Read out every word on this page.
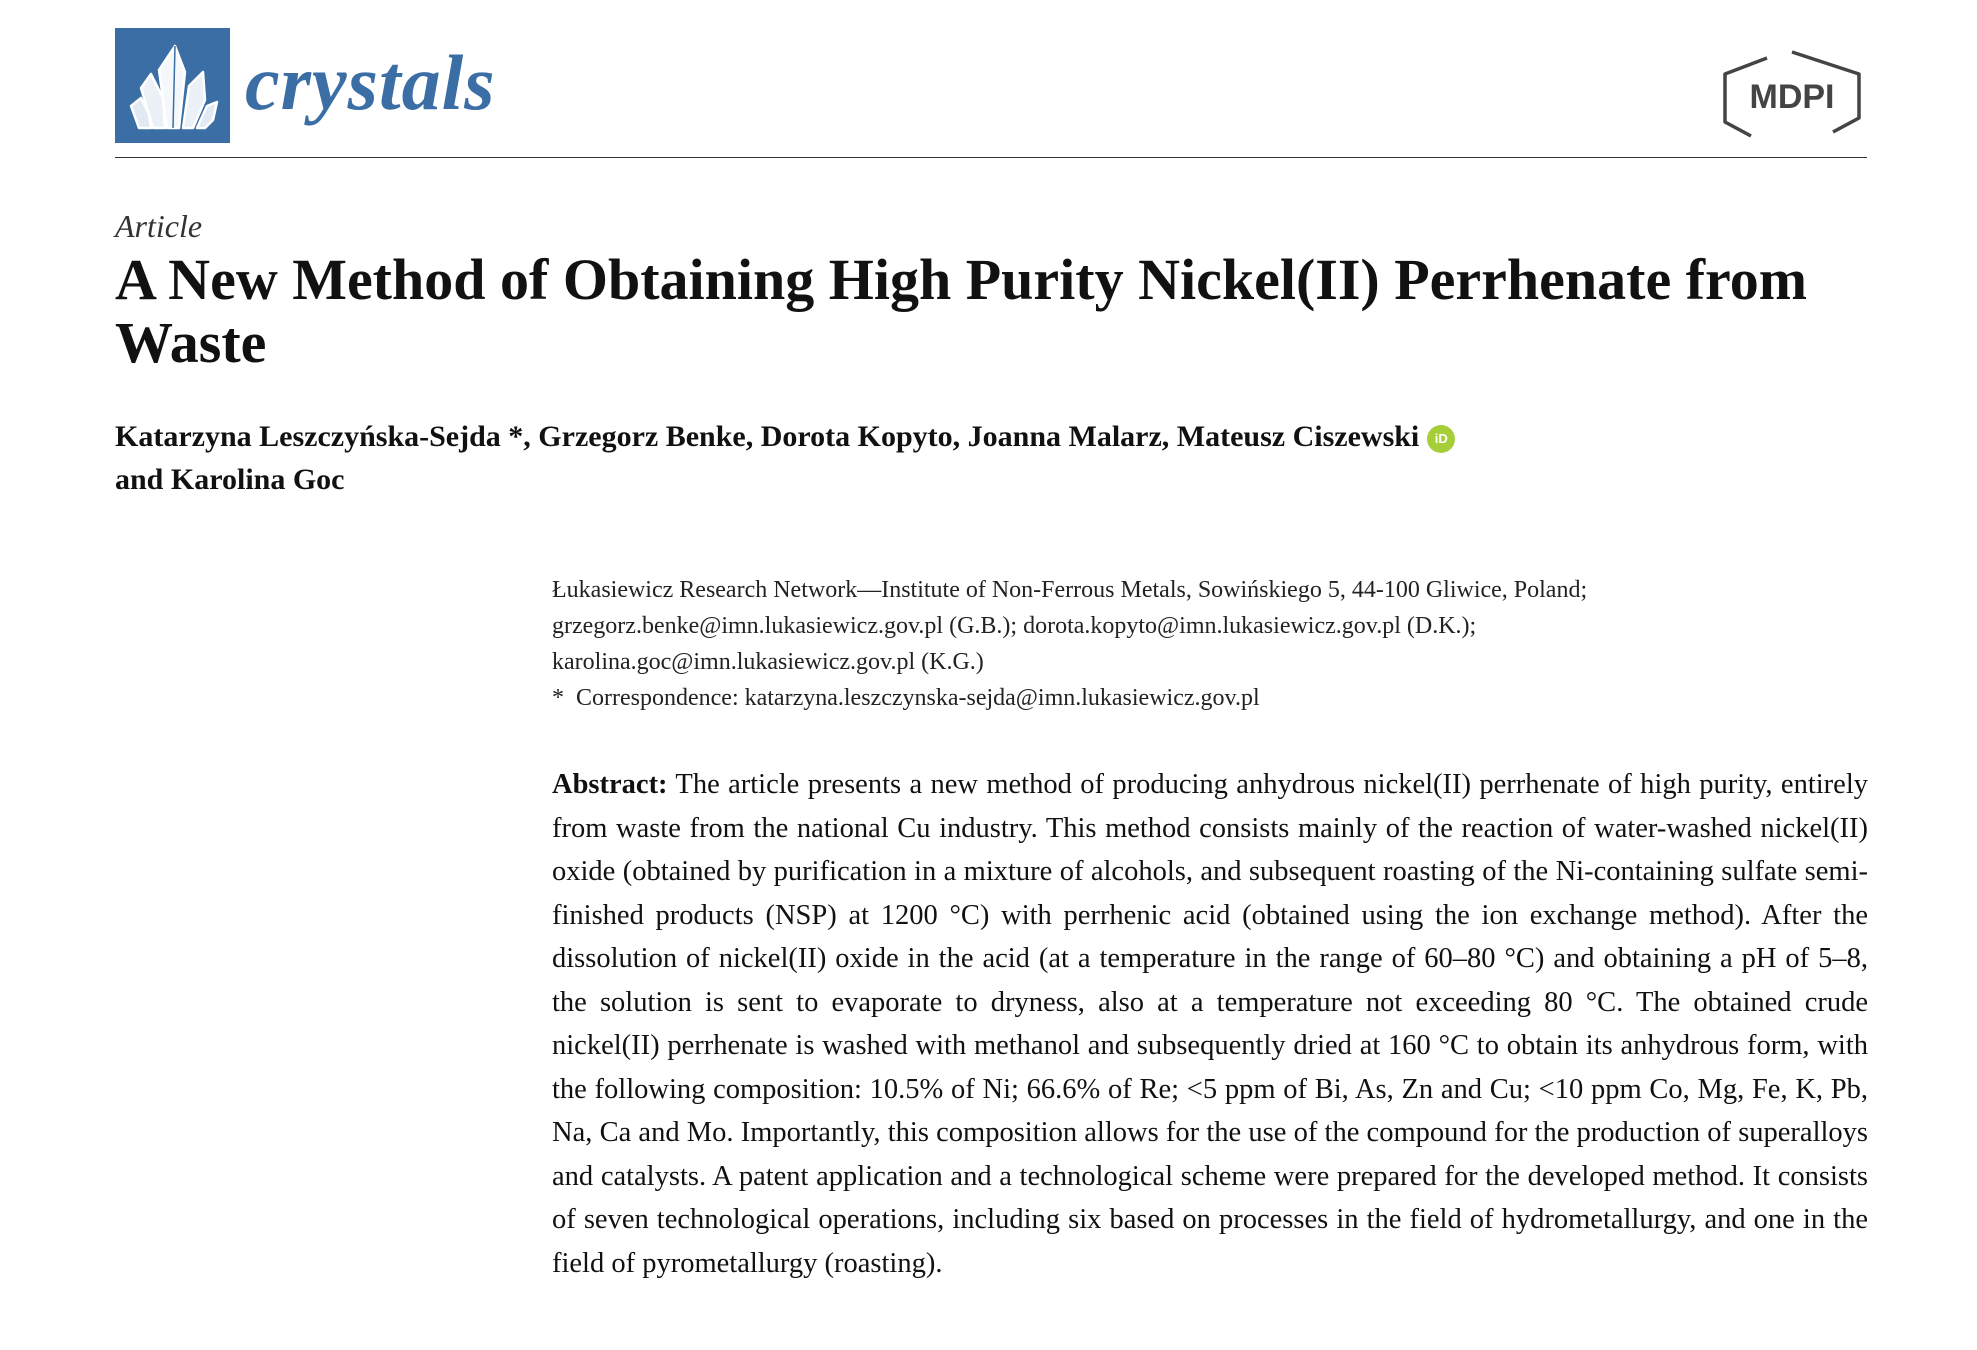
crystals	MDPI
Article
A New Method of Obtaining High Purity Nickel(II) Perrhenate from Waste
Katarzyna Leszczyńska-Sejda *, Grzegorz Benke, Dorota Kopyto, Joanna Malarz, Mateusz Ciszewski iD
and Karolina Goc
Łukasiewicz Research Network—Institute of Non-Ferrous Metals, Sowińskiego 5, 44-100 Gliwice, Poland;
grzegorz.benke@imn.lukasiewicz.gov.pl (G.B.); dorota.kopyto@imn.lukasiewicz.gov.pl (D.K.);
karolina.goc@imn.lukasiewicz.gov.pl (K.G.)
* Correspondence: katarzyna.leszczynska-sejda@imn.lukasiewicz.gov.pl

Abstract: The article presents a new method of producing anhydrous nickel(II) perrhenate of high purity, entirely from waste from the national Cu industry. This method consists mainly of the reaction of water-washed nickel(II) oxide (obtained by purification in a mixture of alcohols, and subsequent roasting of the Ni-containing sulfate semi-finished products (NSP) at 1200 °C) with perrhenic acid (obtained using the ion exchange method). After the dissolution of nickel(II) oxide in the acid (at a temperature in the range of 60–80 °C) and obtaining a pH of 5–8, the solution is sent to evaporate to dryness, also at a temperature not exceeding 80 °C. The obtained crude nickel(II) perrhenate is washed with methanol and subsequently dried at 160 °C to obtain its anhydrous form, with the following composition: 10.5% of Ni; 66.6% of Re; <5 ppm of Bi, As, Zn and Cu; <10 ppm Co, Mg, Fe, K, Pb, Na, Ca and Mo. Importantly, this composition allows for the use of the compound for the production of superalloys and catalysts. A patent application and a technological scheme were prepared for the developed method. It consists of seven technological operations, including six based on processes in the field of hydrometallurgy, and one in the field of pyrometallurgy (roasting).
